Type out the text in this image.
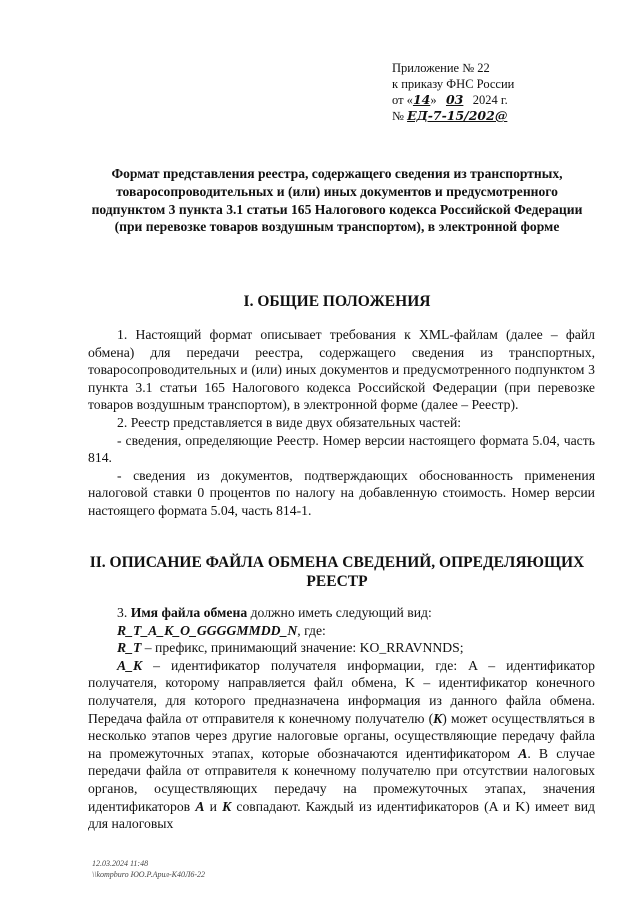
Приложение № 22
к приказу ФНС России
от «14» 03 2024 г.
№ ЕД-7-15/202@
Формат представления реестра, содержащего сведения из транспортных, товаросопроводительных и (или) иных документов и предусмотренного подпунктом 3 пункта 3.1 статьи 165 Налогового кодекса Российской Федерации (при перевозке товаров воздушным транспортом), в электронной форме
I. ОБЩИЕ ПОЛОЖЕНИЯ

1. Настоящий формат описывает требования к XML-файлам (далее – файл обмена) для передачи реестра, содержащего сведения из транспортных, товаросопроводительных и (или) иных документов и предусмотренного подпунктом 3 пункта 3.1 статьи 165 Налогового кодекса Российской Федерации (при перевозке товаров воздушным транспортом), в электронной форме (далее – Реестр).

2. Реестр представляется в виде двух обязательных частей:

- сведения, определяющие Реестр. Номер версии настоящего формата 5.04, часть 814.

- сведения из документов, подтверждающих обоснованность применения налоговой ставки 0 процентов по налогу на добавленную стоимость. Номер версии настоящего формата 5.04, часть 814-1.

II. ОПИСАНИЕ ФАЙЛА ОБМЕНА СВЕДЕНИЙ, ОПРЕДЕЛЯЮЩИХ РЕЕСТР

3. Имя файла обмена должно иметь следующий вид:

R_T_A_K_O_GGGGMMDD_N, где:

R_T – префикс, принимающий значение: KO_RRAVNNDS;

A_K – идентификатор получателя информации, где: A – идентификатор получателя, которому направляется файл обмена, K – идентификатор конечного получателя, для которого предназначена информация из данного файла обмена. Передача файла от отправителя к конечному получателю (K) может осуществляться в несколько этапов через другие налоговые органы, осуществляющие передачу файла на промежуточных этапах, которые обозначаются идентификатором A. В случае передачи файла от отправителя к конечному получателю при отсутствии налоговых органов, осуществляющих передачу на промежуточных этапах, значения идентификаторов A и K совпадают. Каждый из идентификаторов (A и K) имеет вид для налоговых

12.03.2024 11:48
\\kompburo ЮО.Р.Арил-К40Л6-22
